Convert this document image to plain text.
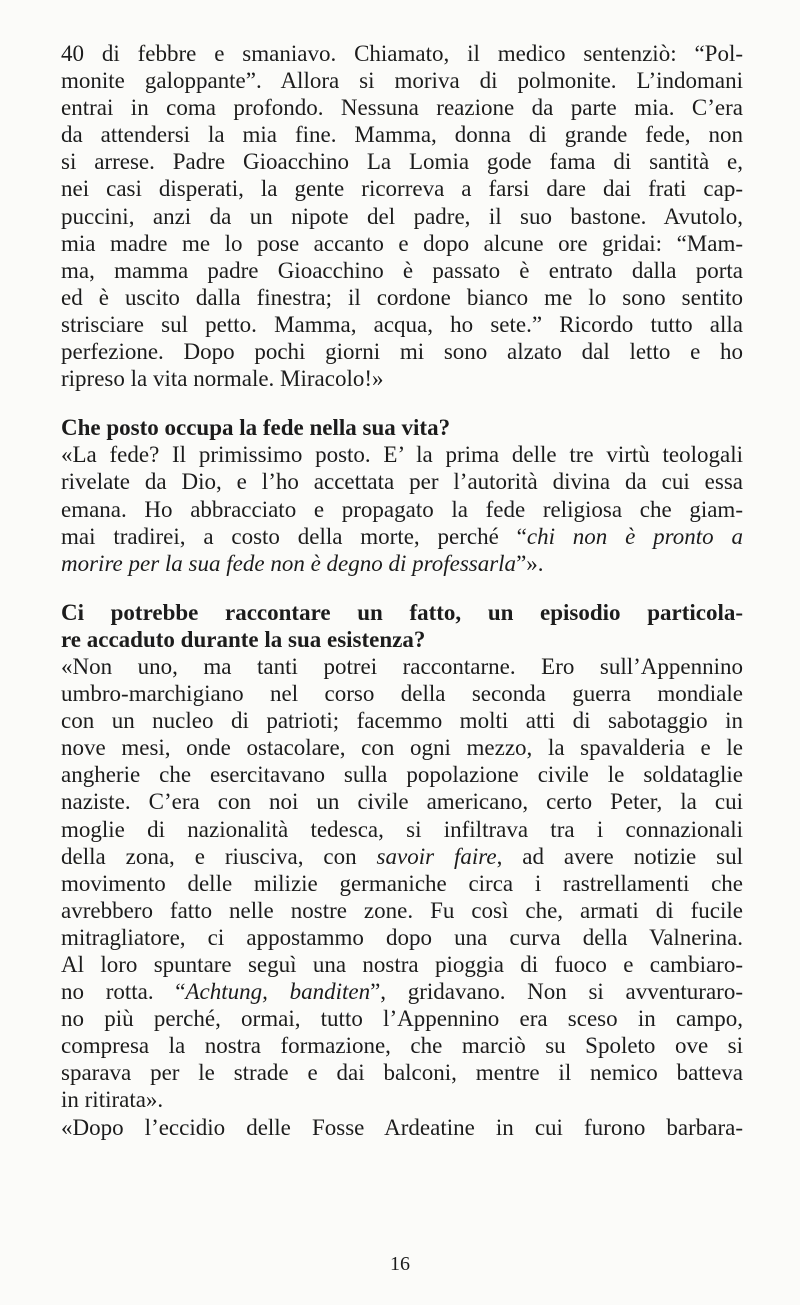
40 di febbre e smaniavo. Chiamato, il medico sentenziò: “Pol-
monite galoppante”. Allora si moriva di polmonite. L’indomani
entrai in coma profondo. Nessuna reazione da parte mia. C’era
da attendersi la mia fine. Mamma, donna di grande fede, non
si arrese. Padre Gioacchino La Lomia gode fama di santità e,
nei casi disperati, la gente ricorreva a farsi dare dai frati cap-
puccini, anzi da un nipote del padre, il suo bastone. Avutolo,
mia madre me lo pose accanto e dopo alcune ore gridai: “Mam-
ma, mamma padre Gioacchino è passato è entrato dalla porta
ed è uscito dalla finestra; il cordone bianco me lo sono sentito
strisciare sul petto. Mamma, acqua, ho sete.” Ricordo tutto alla
perfezione. Dopo pochi giorni mi sono alzato dal letto e ho
ripreso la vita normale. Miracolo!»
Che posto occupa la fede nella sua vita?
«La fede? Il primissimo posto. E’ la prima delle tre virtù teologali
rivelate da Dio, e l’ho accettata per l’autorità divina da cui essa
emana. Ho abbracciato e propagato la fede religiosa che giam-
mai tradirei, a costo della morte, perché “chi non è pronto a
morire per la sua fede non è degno di professarla”».
Ci potrebbe raccontare un fatto, un episodio particola-
re accaduto durante la sua esistenza?
«Non uno, ma tanti potrei raccontarne. Ero sull’Appennino
umbro-marchigiano nel corso della seconda guerra mondiale
con un nucleo di patrioti; facemmo molti atti di sabotaggio in
nove mesi, onde ostacolare, con ogni mezzo, la spavalderia e le
angherie che esercitavano sulla popolazione civile le soldataglie
naziste. C’era con noi un civile americano, certo Peter, la cui
moglie di nazionalità tedesca, si infiltrava tra i connazionali
della zona, e riusciva, con savoir faire, ad avere notizie sul
movimento delle milizie germaniche circa i rastrellamenti che
avrebbero fatto nelle nostre zone. Fu così che, armati di fucile
mitragliatore, ci appostammo dopo una curva della Valnerina.
Al loro spuntare seguì una nostra pioggia di fuoco e cambiaro-
no rotta. “Achtung, banditen”, gridavano. Non si avventuraro-
no più perché, ormai, tutto l’Appennino era sceso in campo,
compresa la nostra formazione, che marciò su Spoleto ove si
sparava per le strade e dai balconi, mentre il nemico batteva
in ritirata».
«Dopo l’eccidio delle Fosse Ardeatine in cui furono barbara-
16
